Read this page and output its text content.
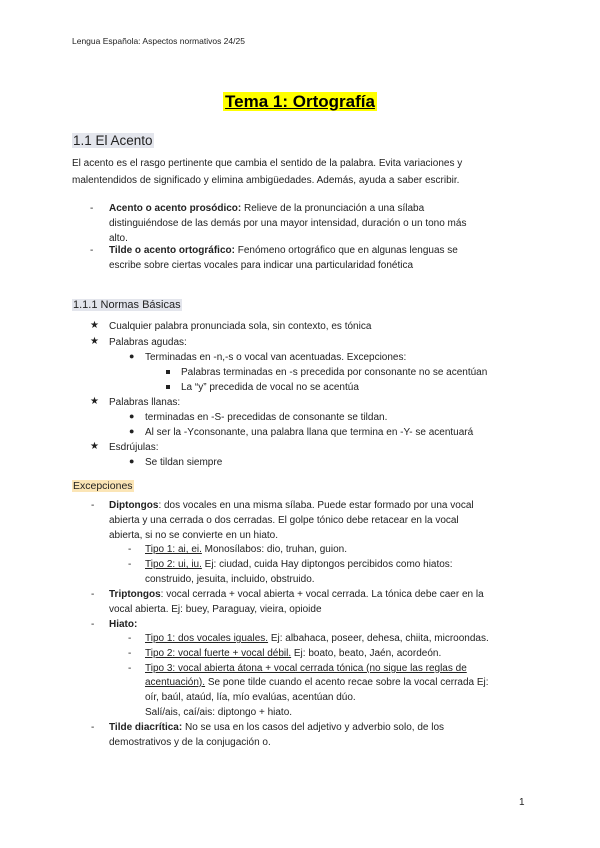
Lengua Española: Aspectos normativos 24/25
Tema 1: Ortografía
1.1 El Acento
El acento es el rasgo pertinente que cambia el sentido de la palabra. Evita variaciones y
malentendidos de significado y elimina ambigüedades. Además, ayuda a saber escribir.
- Acento o acento prosódico: Relieve de la pronunciación a una sílaba
distinguiéndose de las demás por una mayor intensidad, duración o un tono más
alto.
- Tilde o acento ortográfico: Fenómeno ortográfico que en algunas lenguas se
escribe sobre ciertas vocales para indicar una particularidad fonética
1.1.1 Normas Básicas
★ Cualquier palabra pronunciada sola, sin contexto, es tónica
★ Palabras agudas:
● Terminadas en -n,-s o vocal van acentuadas. Excepciones:
Palabras terminadas en -s precedida por consonante no se acentúan
La “y” precedida de vocal no se acentúa
★ Palabras llanas:
● terminadas en -S- precedidas de consonante se tildan.
● Al ser la -Yconsonante, una palabra llana que termina en -Y- se acentuará
★ Esdrújulas:
● Se tildan siempre
Excepciones
- Diptongos: dos vocales en una misma sílaba. Puede estar formado por una vocal
abierta y una cerrada o dos cerradas. El golpe tónico debe retacear en la vocal
abierta, si no se convierte en un hiato.
- Tipo 1: ai, ei. Monosílabos: dio, truhan, guion.
- Tipo 2: ui, iu. Ej: ciudad, cuida Hay diptongos percibidos como hiatos:
construido, jesuita, incluido, obstruido.
- Triptongos: vocal cerrada + vocal abierta + vocal cerrada. La tónica debe caer en la
vocal abierta. Ej: buey, Paraguay, vieira, opioide
- Hiato:
- Tipo 1: dos vocales iguales. Ej: albahaca, poseer, dehesa, chiita, microondas.
- Tipo 2: vocal fuerte + vocal débil. Ej: boato, beato, Jaén, acordeón.
- Tipo 3: vocal abierta átona + vocal cerrada tónica (no sigue las reglas de
acentuación). Se pone tilde cuando el acento recae sobre la vocal cerrada Ej:
oír, baúl, ataúd, lía, mío evalúas, acentúan dúo.
Salí/ais, caí/ais: diptongo + hiato.
- Tilde diacrítica: No se usa en los casos del adjetivo y adverbio solo, de los
demostrativos y de la conjugación o.
1
